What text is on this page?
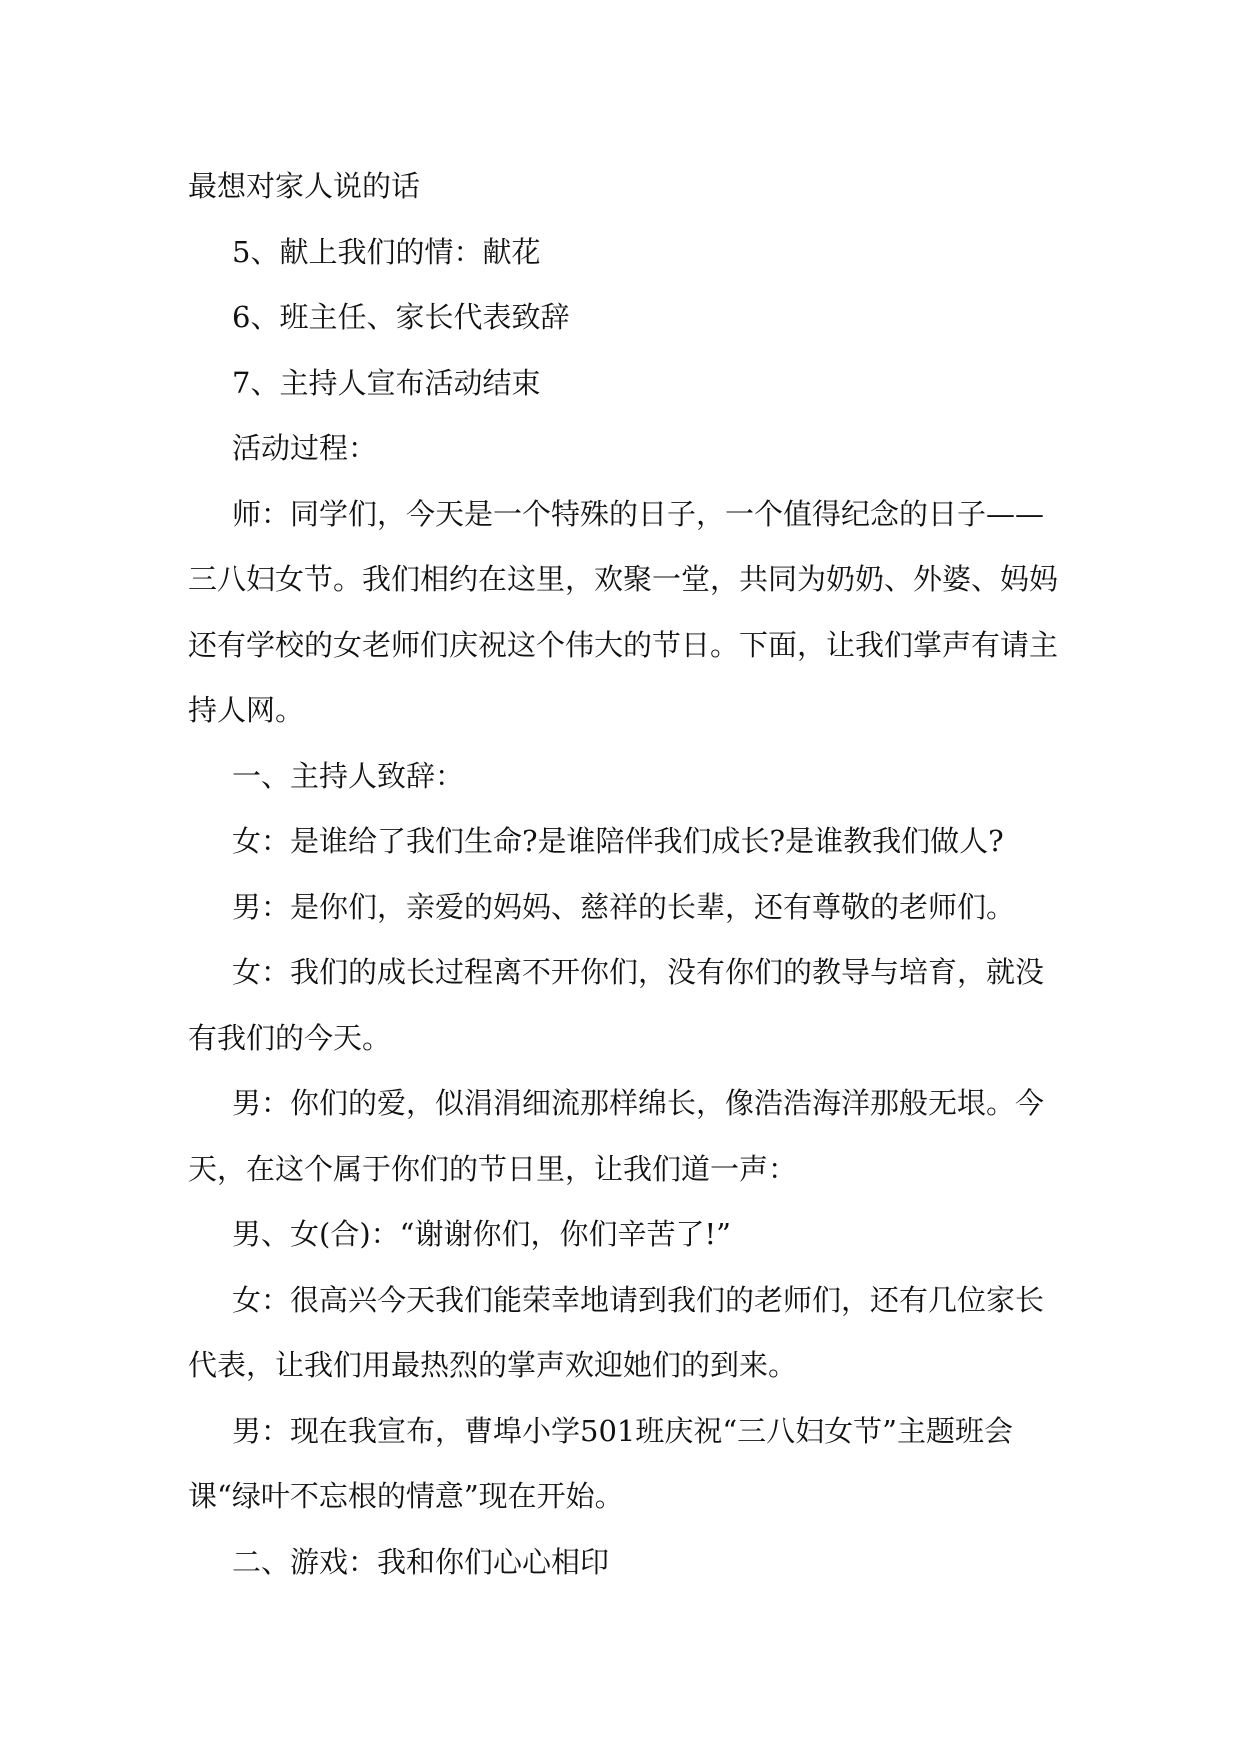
最想对家人说的话

5、献上我们的情：献花

6、班主任、家长代表致辞

7、主持人宣布活动结束

活动过程：

师：同学们，今天是一个特殊的日子，一个值得纪念的日子——三八妇女节。我们相约在这里，欢聚一堂，共同为奶奶、外婆、妈妈还有学校的女老师们庆祝这个伟大的节日。下面，让我们掌声有请主持人网。

一、主持人致辞：

女：是谁给了我们生命?是谁陪伴我们成长?是谁教我们做人?

男：是你们，亲爱的妈妈、慈祥的长辈，还有尊敬的老师们。

女：我们的成长过程离不开你们，没有你们的教导与培育，就没有我们的今天。

男：你们的爱，似涓涓细流那样绵长，像浩浩海洋那般无垠。今天，在这个属于你们的节日里，让我们道一声：

男、女(合)：“谢谢你们，你们辛苦了!”

女：很高兴今天我们能荣幸地请到我们的老师们，还有几位家长代表，让我们用最热烈的掌声欢迎她们的到来。

男：现在我宣布，曹埠小学501班庆祝“三八妇女节”主题班会课“绿叶不忘根的情意”现在开始。

二、游戏：我和你们心心相印
